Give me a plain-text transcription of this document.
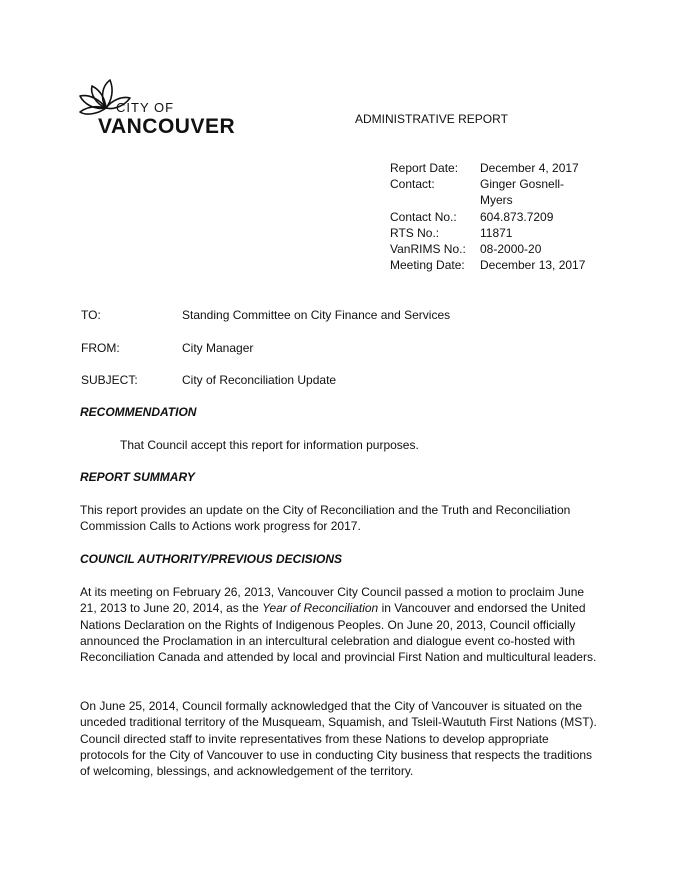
CITY OF
VANCOUVER	ADMINISTRATIVE REPORT
Report Date:	December 4, 2017
Contact:	Ginger Gosnell-Myers
Contact No.:	604.873.7209
RTS No.:	11871
VanRIMS No.:	08-2000-20
Meeting Date:	December 13, 2017
TO:	Standing Committee on City Finance and Services
FROM:	City Manager
SUBJECT:	City of Reconciliation Update
RECOMMENDATION
That Council accept this report for information purposes.
REPORT SUMMARY
This report provides an update on the City of Reconciliation and the Truth and Reconciliation Commission Calls to Actions work progress for 2017.
COUNCIL AUTHORITY/PREVIOUS DECISIONS
At its meeting on February 26, 2013, Vancouver City Council passed a motion to proclaim June 21, 2013 to June 20, 2014, as the Year of Reconciliation in Vancouver and endorsed the United Nations Declaration on the Rights of Indigenous Peoples. On June 20, 2013, Council officially announced the Proclamation in an intercultural celebration and dialogue event co-hosted with Reconciliation Canada and attended by local and provincial First Nation and multicultural leaders.
On June 25, 2014, Council formally acknowledged that the City of Vancouver is situated on the unceded traditional territory of the Musqueam, Squamish, and Tsleil-Waututh First Nations (MST). Council directed staff to invite representatives from these Nations to develop appropriate protocols for the City of Vancouver to use in conducting City business that respects the traditions of welcoming, blessings, and acknowledgement of the territory.
